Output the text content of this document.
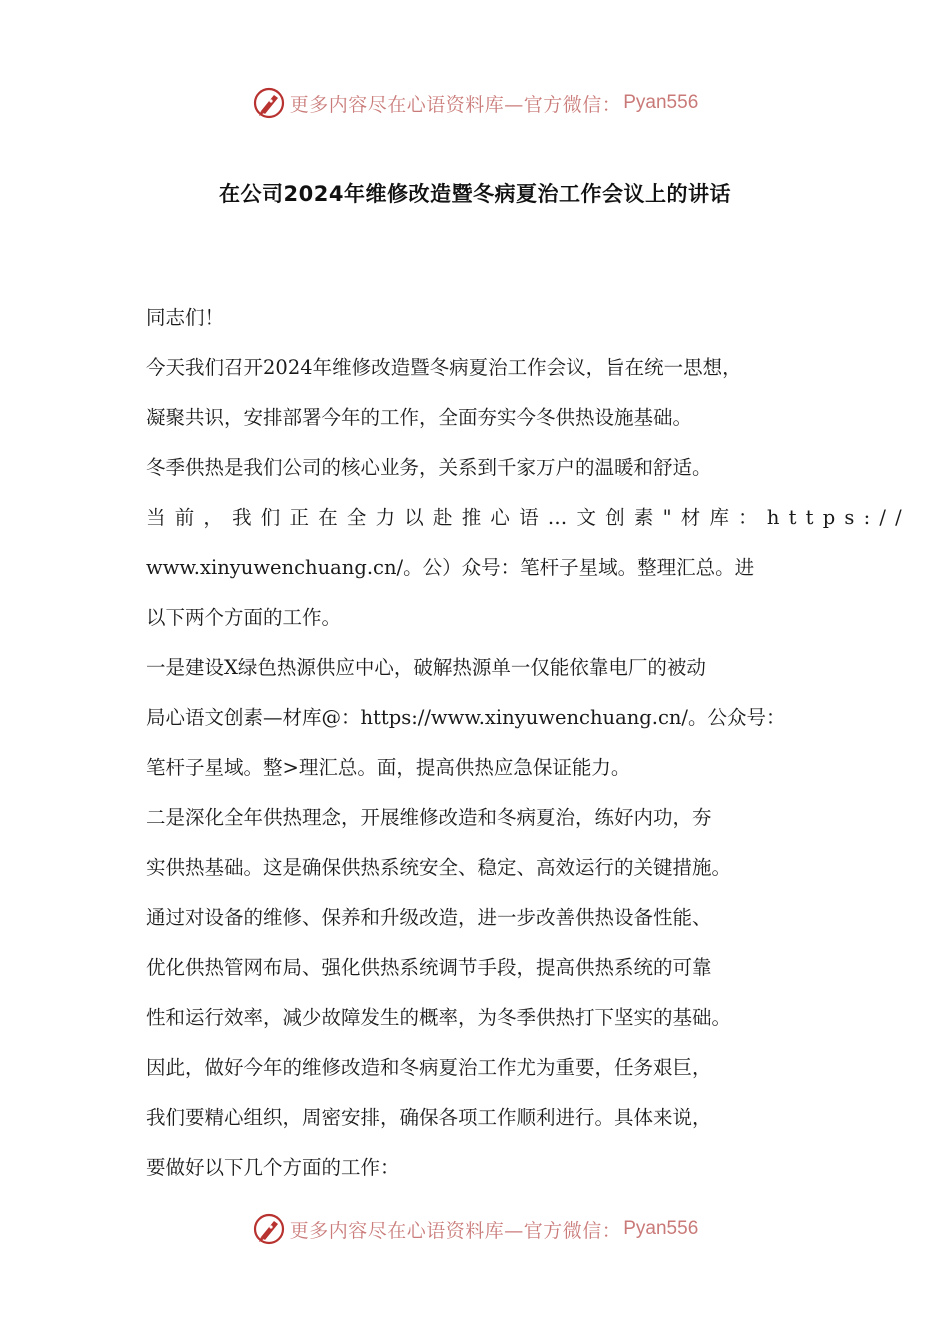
更多内容尽在心语资料库—官方微信： Pyan556
在公司2024年维修改造暨冬病夏治工作会议上的讲话
同志们！
今天我们召开2024年维修改造暨冬病夏治工作会议，旨在统一思想，
凝聚共识，安排部署今年的工作，全面夯实今冬供热设施基础。
冬季供热是我们公司的核心业务，关系到千家万户的温暖和舒适。
当前，我们正在全力以赴推心语…文创素"材库：https://
www.xinyuwenchuang.cn/。公）众号：笔杆子星域。整理汇总。进
以下两个方面的工作。
一是建设X绿色热源供应中心，破解热源单一仅能依靠电厂的被动
局心语文创素—材库@：https://www.xinyuwenchuang.cn/。公众号：
笔杆子星域。整>理汇总。面，提高供热应急保证能力。
二是深化全年供热理念，开展维修改造和冬病夏治，练好内功，夯
实供热基础。这是确保供热系统安全、稳定、高效运行的关键措施。
通过对设备的维修、保养和升级改造，进一步改善供热设备性能、
优化供热管网布局、强化供热系统调节手段，提高供热系统的可靠
性和运行效率，减少故障发生的概率，为冬季供热打下坚实的基础。
因此，做好今年的维修改造和冬病夏治工作尤为重要，任务艰巨，
我们要精心组织，周密安排，确保各项工作顺利进行。具体来说，
要做好以下几个方面的工作：
更多内容尽在心语资料库—官方微信： Pyan556
